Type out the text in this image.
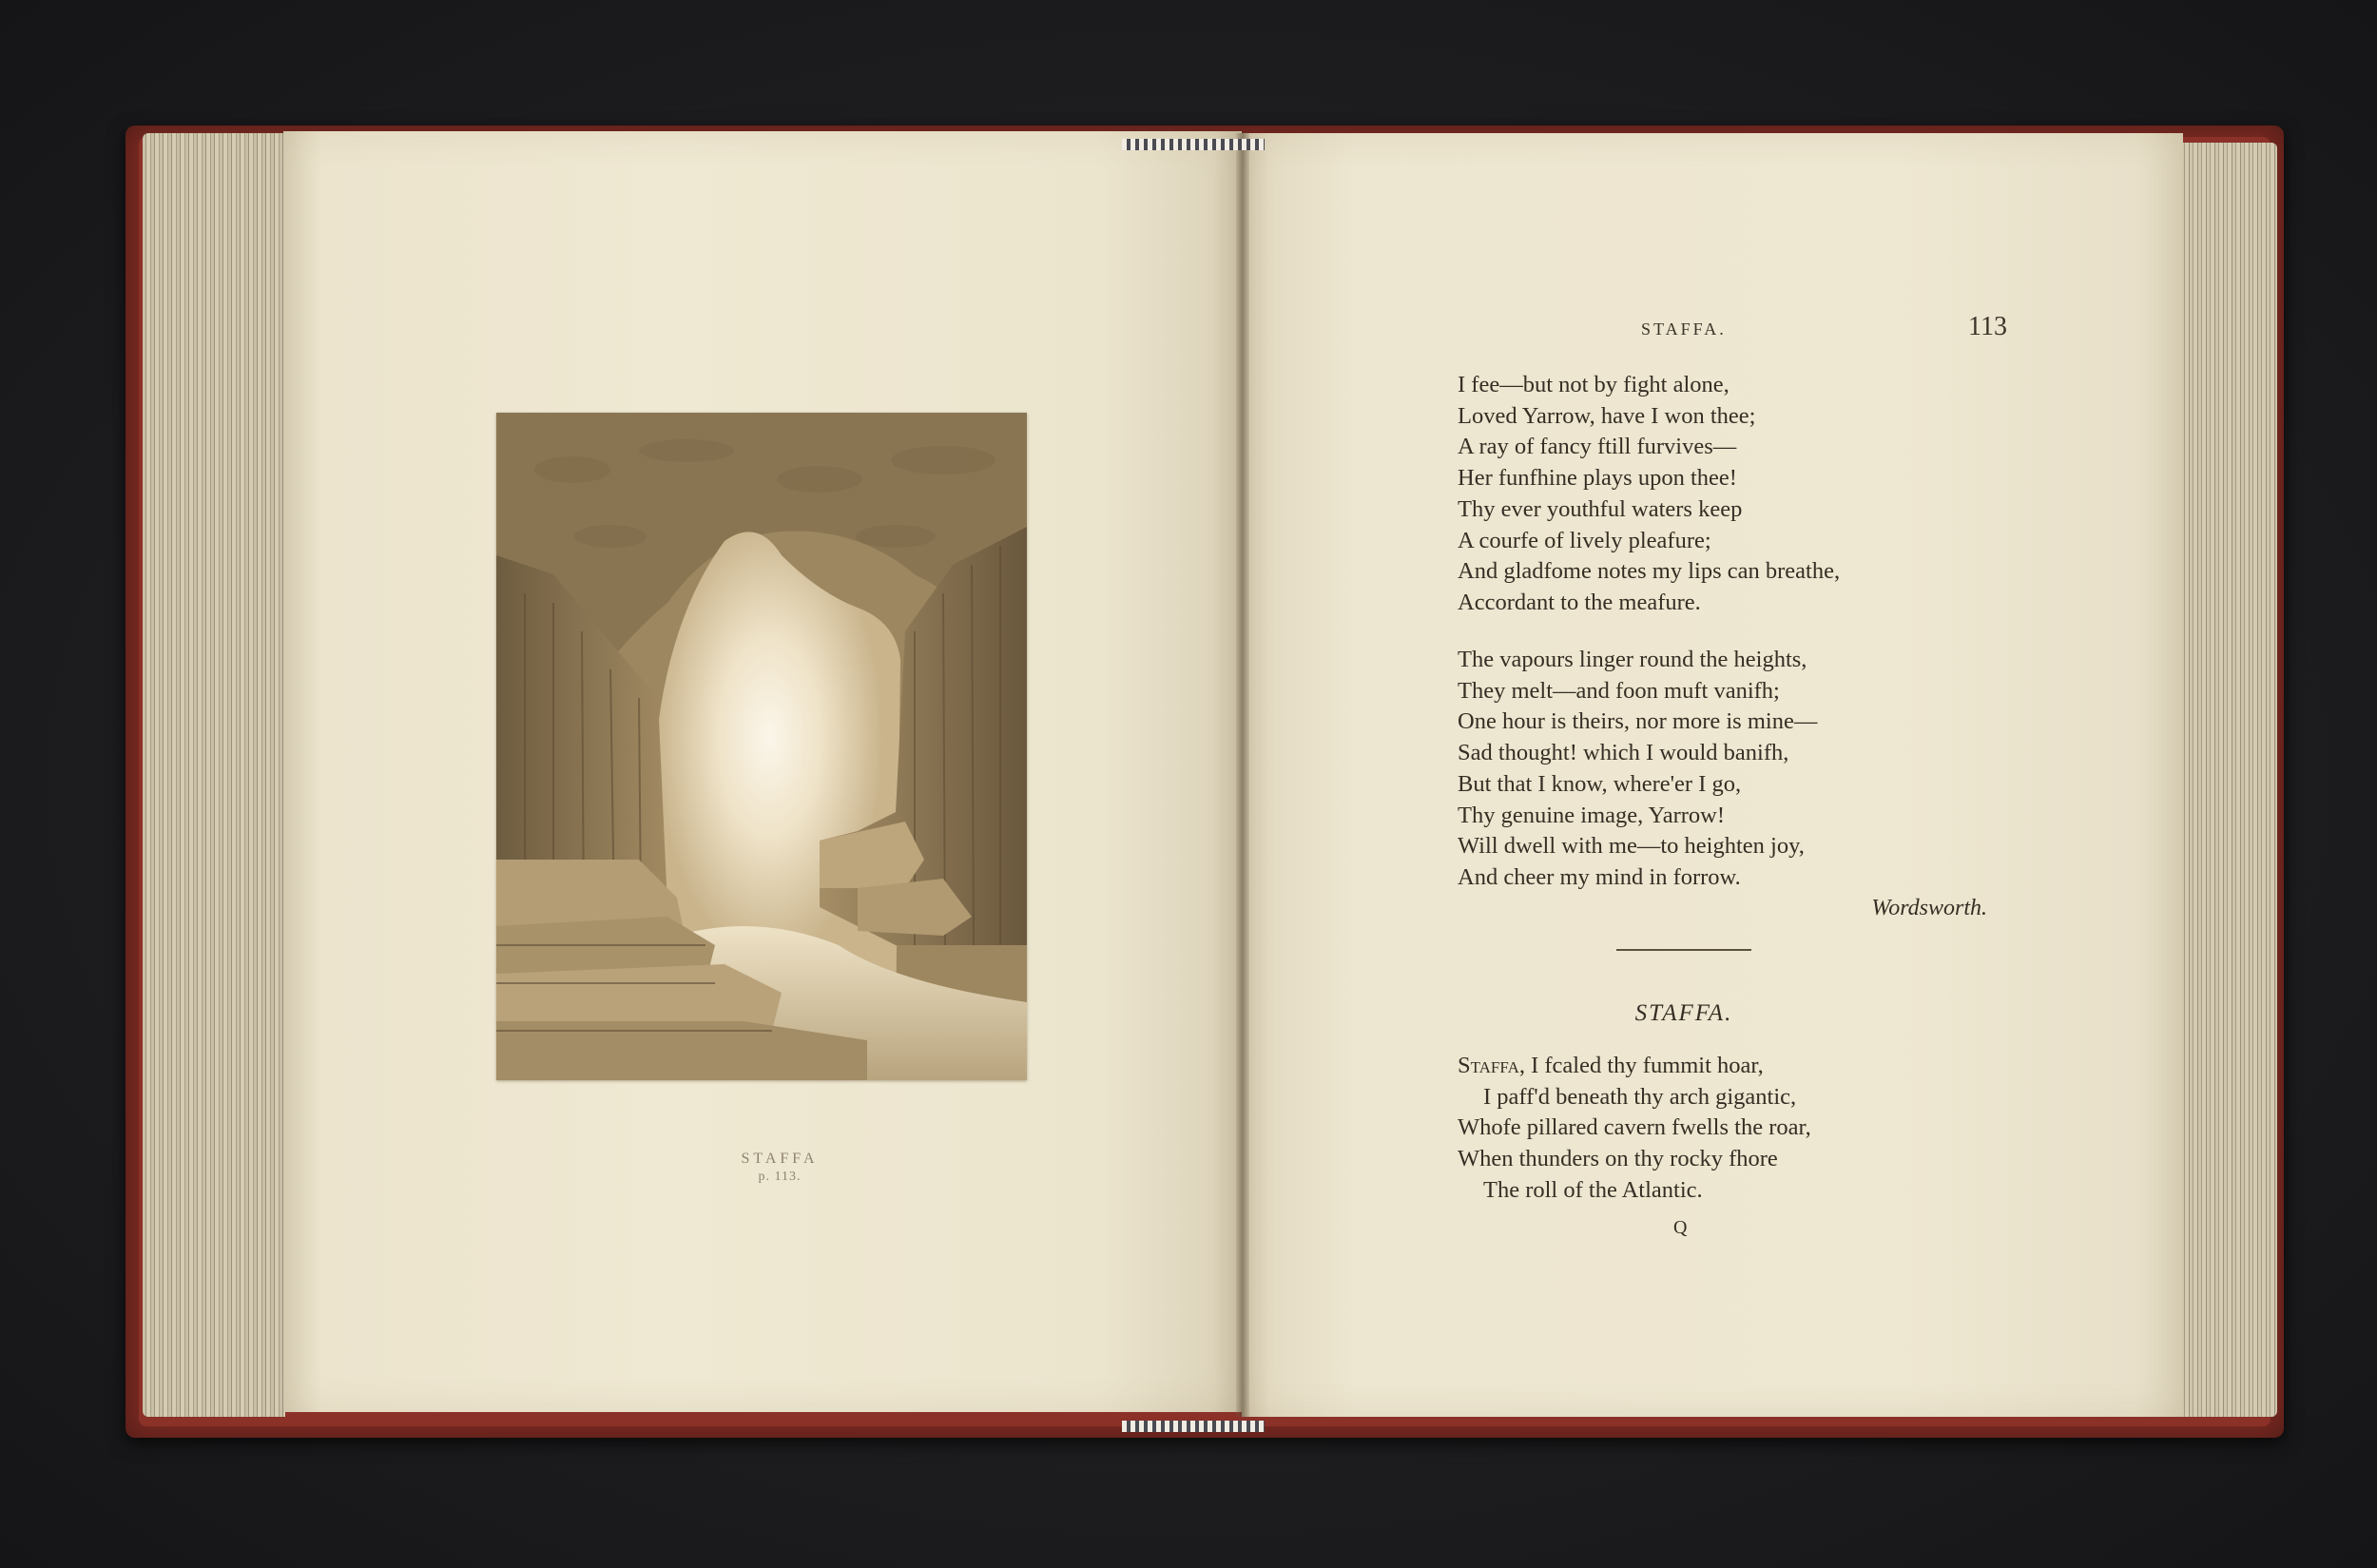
STAFFA
p. 113.
STAFFA.	113
I fee—but not by fight alone,
Loved Yarrow, have I won thee;
A ray of fancy ftill furvives—
Her funfhine plays upon thee!
Thy ever youthful waters keep
A courfe of lively pleafure;
And gladfome notes my lips can breathe,
Accordant to the meafure.
The vapours linger round the heights,
They melt—and foon muft vanifh;
One hour is theirs, nor more is mine—
Sad thought! which I would banifh,
But that I know, where'er I go,
Thy genuine image, Yarrow!
Will dwell with me—to heighten joy,
And cheer my mind in forrow.
Wordsworth.
STAFFA.
Staffa, I fcaled thy fummit hoar,
I paff'd beneath thy arch gigantic,
Whofe pillared cavern fwells the roar,
When thunders on thy rocky fhore
The roll of the Atlantic.
Q
